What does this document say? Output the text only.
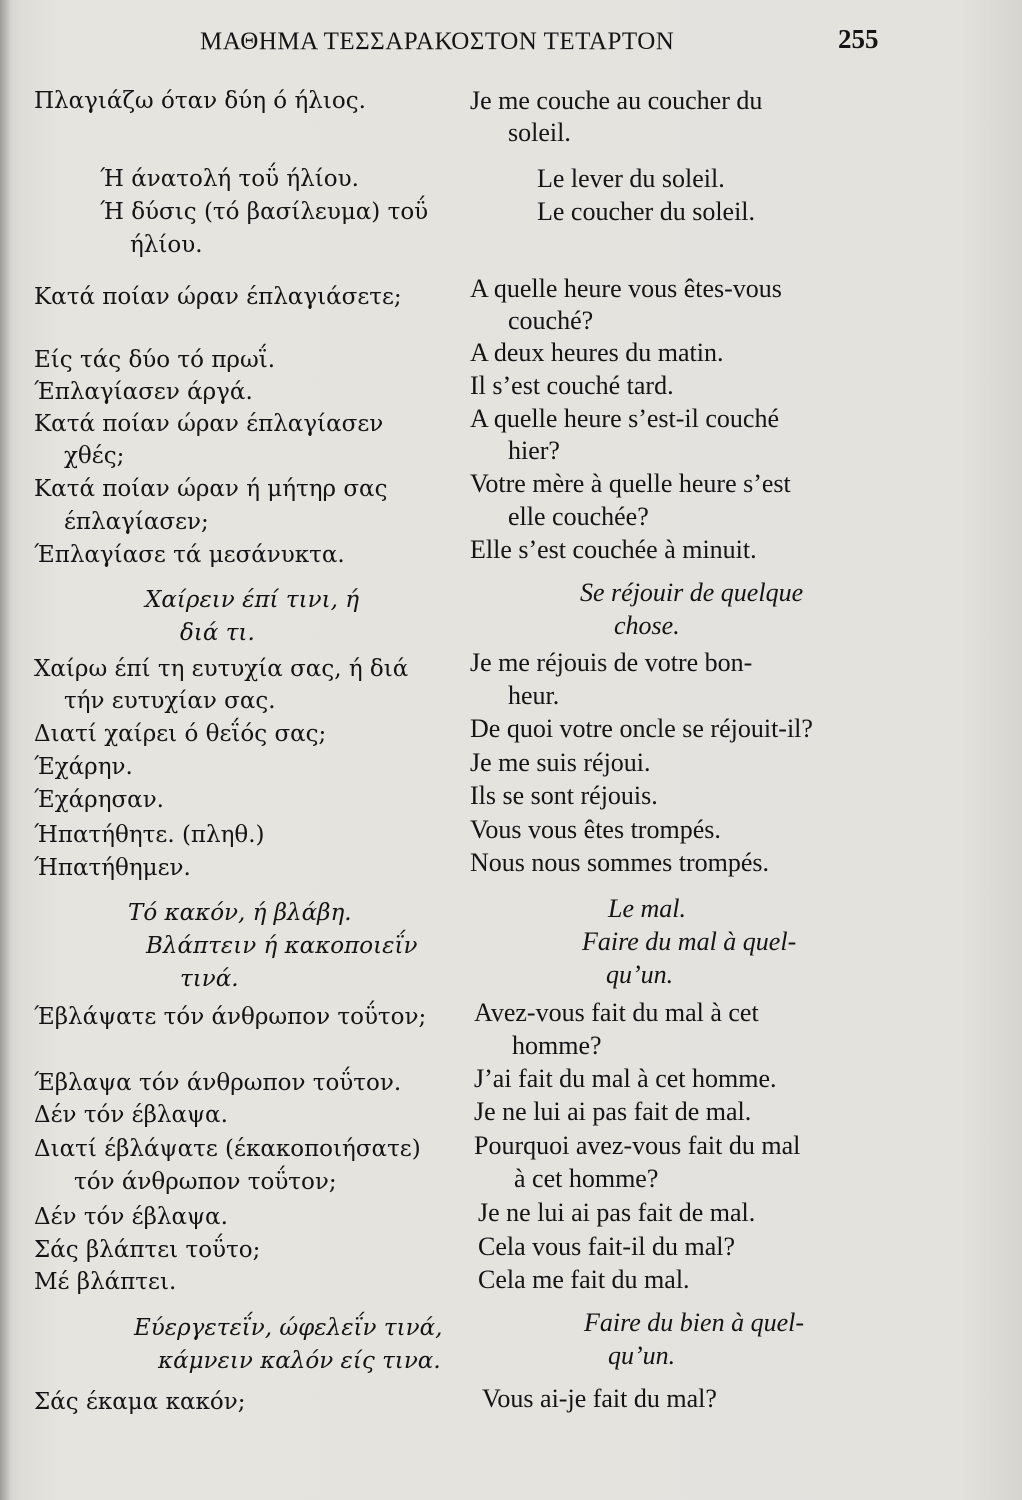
ΜΑΘΗΜΑ ΤΕΣΣΑΡΑΚΟΣΤΟΝ ΤΕΤΑΡΤΟΝ	255
Πλαγιάζω όταν δύη ό ήλιος.
Ή άνατολή τοΰ ήλίου.
Ή δύσις (τό βασίλευμα) τοΰ
ήλίου.
Κατά ποίαν ώραν έπλαγιάσετε;
Είς τάς δύο τό πρωΐ.
Έπλαγίασεν άργά.
Κατά ποίαν ώραν έπλαγίασεν
χθές;
Κατά ποίαν ώραν ή μήτηρ σας
έπλαγίασεν;
Έπλαγίασε τά μεσάνυκτα.
Χαίρειν έπί τινι, ή
διά τι.
Χαίρω έπί τη ευτυχία σας, ή διά
τήν ευτυχίαν σας.
Διατί χαίρει ό θεΐός σας;
Έχάρην.
Έχάρησαν.
Ήπατήθητε. (πληθ.)
Ήπατήθημεν.
Τό κακόν, ή βλάβη.
Βλάπτειν ή κακοποιεΐν
τινά.
Έβλάψατε τόν άνθρωπον τοΰτον;
Έβλαψα τόν άνθρωπον τοΰτον.
Δέν τόν έβλαψα.
Διατί έβλάψατε (έκακοποιήσατε)
τόν άνθρωπον τοΰτον;
Δέν τόν έβλαψα.
Σάς βλάπτει τοΰτο;
Μέ βλάπτει.
Εύεργετεΐν, ώφελεΐν τινά,
κάμνειν καλόν είς τινα.
Σάς έκαμα κακόν;
Je me couche au coucher du
soleil.
Le lever du soleil.
Le coucher du soleil.
A quelle heure vous êtes-vous
couché?
A deux heures du matin.
Il s’est couché tard.
A quelle heure s’est-il couché
hier?
Votre mère à quelle heure s’est
elle couchée?
Elle s’est couchée à minuit.
Se réjouir de quelque
chose.
Je me réjouis de votre bon-
heur.
De quoi votre oncle se réjouit-il?
Je me suis réjoui.
Ils se sont réjouis.
Vous vous êtes trompés.
Nous nous sommes trompés.
Le mal.
Faire du mal à quel-
qu’un.
Avez-vous fait du mal à cet
homme?
J’ai fait du mal à cet homme.
Je ne lui ai pas fait de mal.
Pourquoi avez-vous fait du mal
à cet homme?
Je ne lui ai pas fait de mal.
Cela vous fait-il du mal?
Cela me fait du mal.
Faire du bien à quel-
qu’un.
Vous ai-je fait du mal?
